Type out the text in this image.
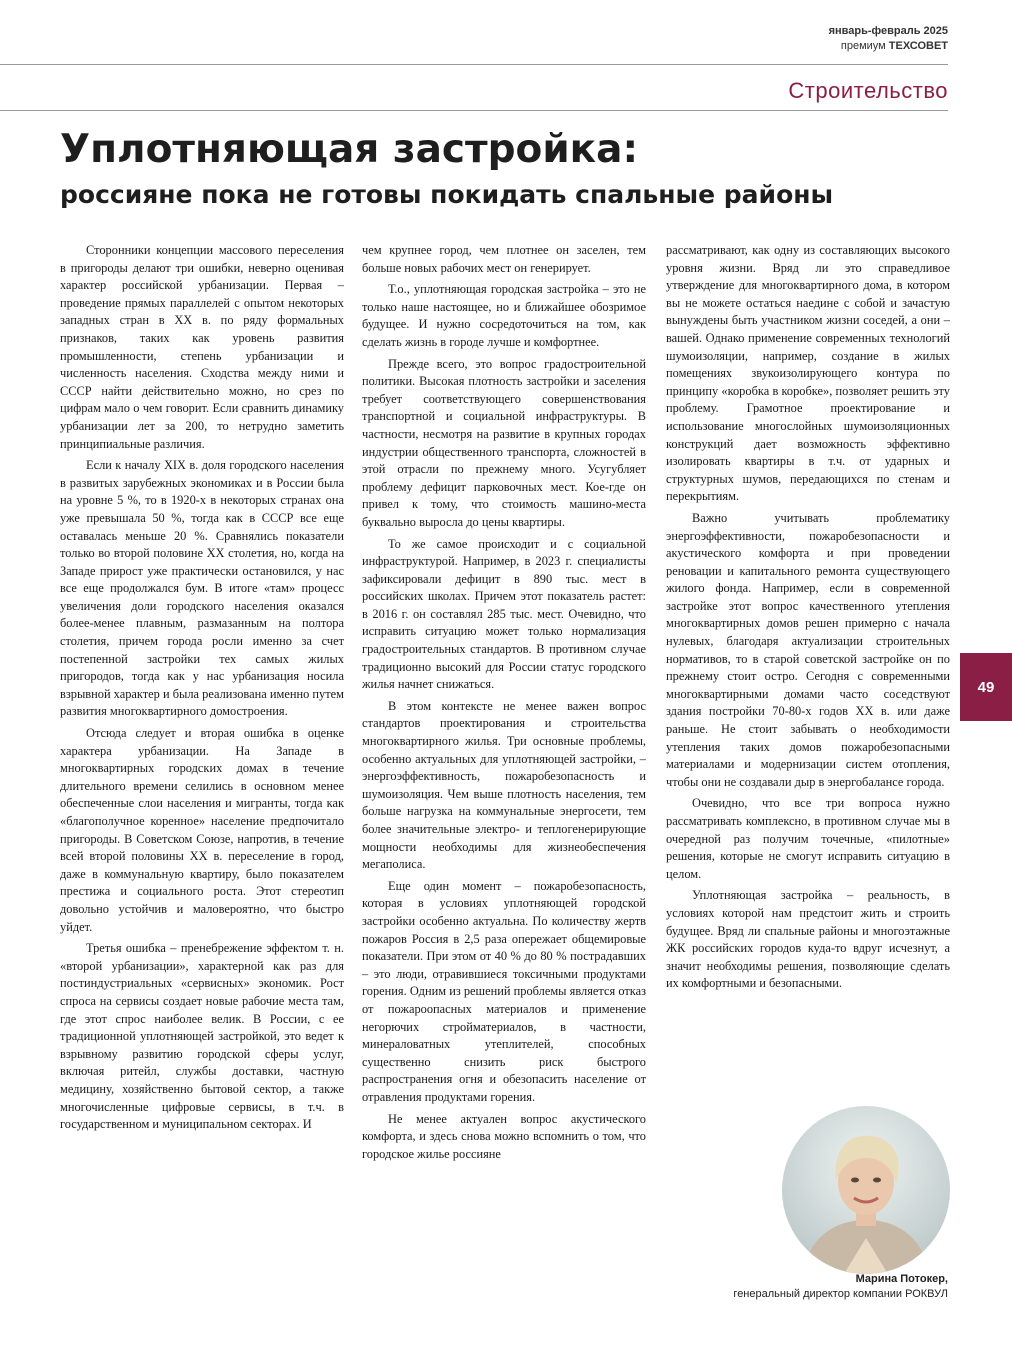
январь-февраль 2025
премиум ТЕХСОВЕТ
Строительство
Уплотняющая застройка:
россияне пока не готовы покидать спальные районы

Сторонники концепции массового переселения в пригороды делают три ошибки, неверно оценивая характер российской урбанизации. Первая – проведение прямых параллелей с опытом некоторых западных стран в XX в. по ряду формальных признаков, таких как уровень развития промышленности, степень урбанизации и численность населения. Сходства между ними и СССР найти действительно можно, но срез по цифрам мало о чем говорит. Если сравнить динамику урбанизации лет за 200, то нетрудно заметить принципиальные различия.

Если к началу XIX в. доля городского населения в развитых зарубежных экономиках и в России была на уровне 5 %, то в 1920-х в некоторых странах она уже превышала 50 %, тогда как в СССР все еще оставалась меньше 20 %. Сравнялись показатели только во второй половине XX столетия, но, когда на Западе прирост уже практически остановился, у нас все еще продолжался бум. В итоге «там» процесс увеличения доли городского населения оказался более-менее плавным, размазанным на полтора столетия, причем города росли именно за счет постепенной застройки тех самых жилых пригородов, тогда как у нас урбанизация носила взрывной характер и была реализована именно путем развития многоквартирного домостроения.

Отсюда следует и вторая ошибка в оценке характера урбанизации. На Западе в многоквартирных городских домах в течение длительного времени селились в основном менее обеспеченные слои населения и мигранты, тогда как «благополучное коренное» население предпочитало пригороды. В Советском Союзе, напротив, в течение всей второй половины XX в. переселение в город, даже в коммунальную квартиру, было показателем престижа и социального роста. Этот стереотип довольно устойчив и маловероятно, что быстро уйдет.

Третья ошибка – пренебрежение эффектом т. н. «второй урбанизации», характерной как раз для постиндустриальных «сервисных» экономик. Рост спроса на сервисы создает новые рабочие места там, где этот спрос наиболее велик. В России, с ее традиционной уплотняющей застройкой, это ведет к взрывному развитию городской сферы услуг, включая ритейл, службы доставки, частную медицину, хозяйственно бытовой сектор, а также многочисленные цифровые сервисы, в т.ч. в государственном и муниципальном секторах. И

чем крупнее город, чем плотнее он заселен, тем больше новых рабочих мест он генерирует.

Т.о., уплотняющая городская застройка – это не только наше настоящее, но и ближайшее обозримое будущее. И нужно сосредоточиться на том, как сделать жизнь в городе лучше и комфортнее.

Прежде всего, это вопрос градостроительной политики. Высокая плотность застройки и заселения требует соответствующего совершенствования транспортной и социальной инфраструктуры. В частности, несмотря на развитие в крупных городах индустрии общественного транспорта, сложностей в этой отрасли по прежнему много. Усугубляет проблему дефицит парковочных мест. Кое-где он привел к тому, что стоимость машино-места буквально выросла до цены квартиры.

То же самое происходит и с социальной инфраструктурой. Например, в 2023 г. специалисты зафиксировали дефицит в 890 тыс. мест в российских школах. Причем этот показатель растет: в 2016 г. он составлял 285 тыс. мест. Очевидно, что исправить ситуацию может только нормализация градостроительных стандартов. В противном случае традиционно высокий для России статус городского жилья начнет снижаться.

В этом контексте не менее важен вопрос стандартов проектирования и строительства многоквартирного жилья. Три основные проблемы, особенно актуальных для уплотняющей застройки, – энергоэффективность, пожаробезопасность и шумоизоляция. Чем выше плотность населения, тем больше нагрузка на коммунальные энергосети, тем более значительные электро- и теплогенерирующие мощности необходимы для жизнеобеспечения мегаполиса.

Еще один момент – пожаробезопасность, которая в условиях уплотняющей городской застройки особенно актуальна. По количеству жертв пожаров Россия в 2,5 раза опережает общемировые показатели. При этом от 40 % до 80 % пострадавших – это люди, отравившиеся токсичными продуктами горения. Одним из решений проблемы является отказ от пожароопасных материалов и применение негорючих стройматериалов, в частности, минераловатных утеплителей, способных существенно снизить риск быстрого распространения огня и обезопасить население от отравления продуктами горения.

Не менее актуален вопрос акустического комфорта, и здесь снова можно вспомнить о том, что городское жилье россияне

рассматривают, как одну из составляющих высокого уровня жизни. Вряд ли это справедливое утверждение для многоквартирного дома, в котором вы не можете остаться наедине с собой и зачастую вынуждены быть участником жизни соседей, а они – вашей. Однако применение современных технологий шумоизоляции, например, создание в жилых помещениях звукоизолирующего контура по принципу «коробка в коробке», позволяет решить эту проблему. Грамотное проектирование и использование многослойных шумоизоляционных конструкций дает возможность эффективно изолировать квартиры в т.ч. от ударных и структурных шумов, передающихся по стенам и перекрытиям.

Важно учитывать проблематику энергоэффективности, пожаробезопасности и акустического комфорта и при проведении реновации и капитального ремонта существующего жилого фонда. Например, если в современной застройке этот вопрос качественного утепления многоквартирных домов решен примерно с начала нулевых, благодаря актуализации строительных нормативов, то в старой советской застройке он по прежнему стоит остро. Сегодня с современными многоквартирными домами часто соседствуют здания постройки 70-80-х годов XX в. или даже раньше. Не стоит забывать о необходимости утепления таких домов пожаробезопасными материалами и модернизации систем отопления, чтобы они не создавали дыр в энергобалансе города.

Очевидно, что все три вопроса нужно рассматривать комплексно, в противном случае мы в очередной раз получим точечные, «пилотные» решения, которые не смогут исправить ситуацию в целом.

Уплотняющая застройка – реальность, в условиях которой нам предстоит жить и строить будущее. Вряд ли спальные районы и многоэтажные ЖК российских городов куда-то вдруг исчезнут, а значит необходимы решения, позволяющие сделать их комфортными и безопасными.

49
Марина Потокер,
генеральный директор компании РОКВУЛ
